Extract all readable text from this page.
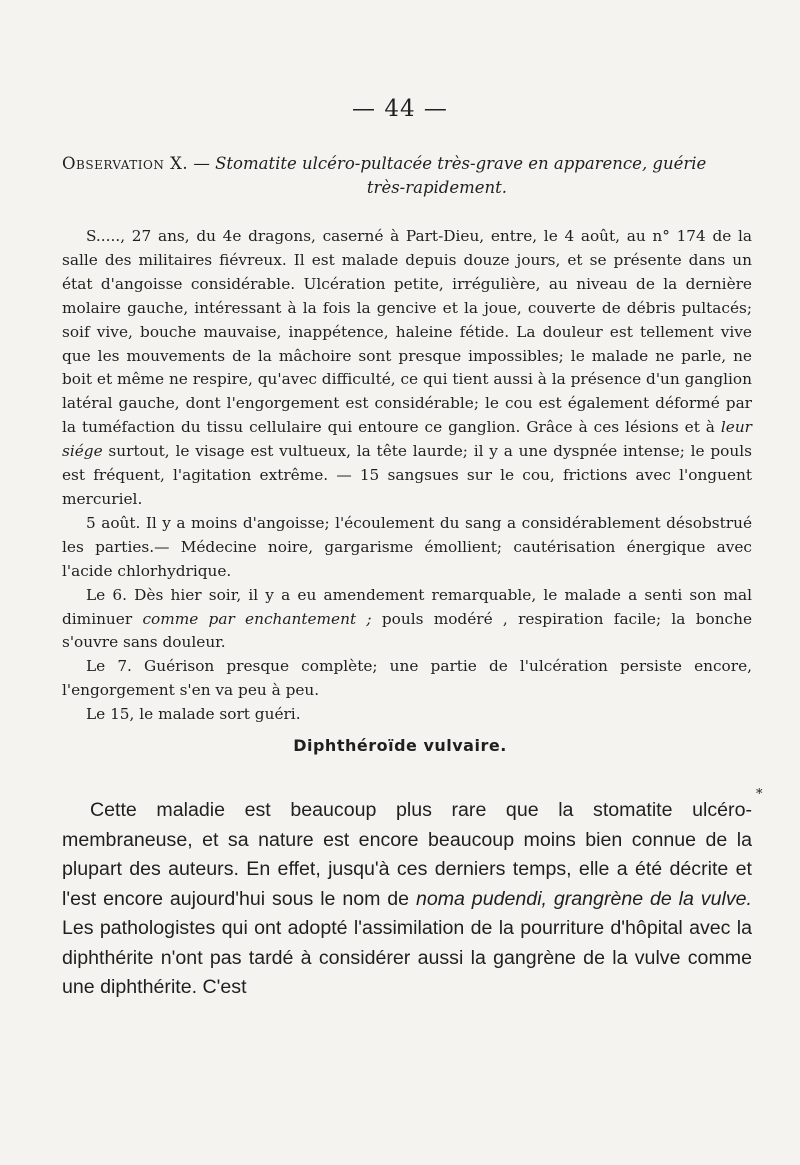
— 44 —
Observation X. — Stomatite ulcéro-pultacée très-grave en apparence, guérie
très-rapidement.

S....., 27 ans, du 4e dragons, caserné à Part-Dieu, entre, le 4 août, au n° 174 de la salle des militaires fiévreux. Il est malade depuis douze jours, et se présente dans un état d'angoisse considérable. Ulcération petite, irrégulière, au niveau de la dernière molaire gauche, intéressant à la fois la gencive et la joue, couverte de débris pultacés; soif vive, bouche mauvaise, inappétence, haleine fétide. La douleur est tellement vive que les mouvements de la mâchoire sont presque impossibles; le malade ne parle, ne boit et même ne respire, qu'avec difficulté, ce qui tient aussi à la présence d'un ganglion latéral gauche, dont l'engorgement est considérable; le cou est également déformé par la tuméfaction du tissu cellulaire qui entoure ce ganglion. Grâce à ces lésions et à leur siége surtout, le visage est vultueux, la tête laurde; il y a une dyspnée intense; le pouls est fréquent, l'agitation extrême. — 15 sangsues sur le cou, frictions avec l'onguent mercuriel.

5 août. Il y a moins d'angoisse; l'écoulement du sang a considérablement désobstrué les parties.— Médecine noire, gargarisme émollient; cautérisation énergique avec l'acide chlorhydrique.

Le 6. Dès hier soir, il y a eu amendement remarquable, le malade a senti son mal diminuer comme par enchantement ; pouls modéré , respiration facile; la bonche s'ouvre sans douleur.

Le 7. Guérison presque complète; une partie de l'ulcération persiste encore, l'engorgement s'en va peu à peu.

Le 15, le malade sort guéri.

Diphthéroïde vulvaire.
*

Cette maladie est beaucoup plus rare que la stomatite ulcéro-membraneuse, et sa nature est encore beaucoup moins bien connue de la plupart des auteurs. En effet, jusqu'à ces derniers temps, elle a été décrite et l'est encore aujourd'hui sous le nom de noma pudendi, grangrène de la vulve. Les pathologistes qui ont adopté l'assimilation de la pourriture d'hôpital avec la diphthérite n'ont pas tardé à considérer aussi la gangrène de la vulve comme une diphthérite. C'est
